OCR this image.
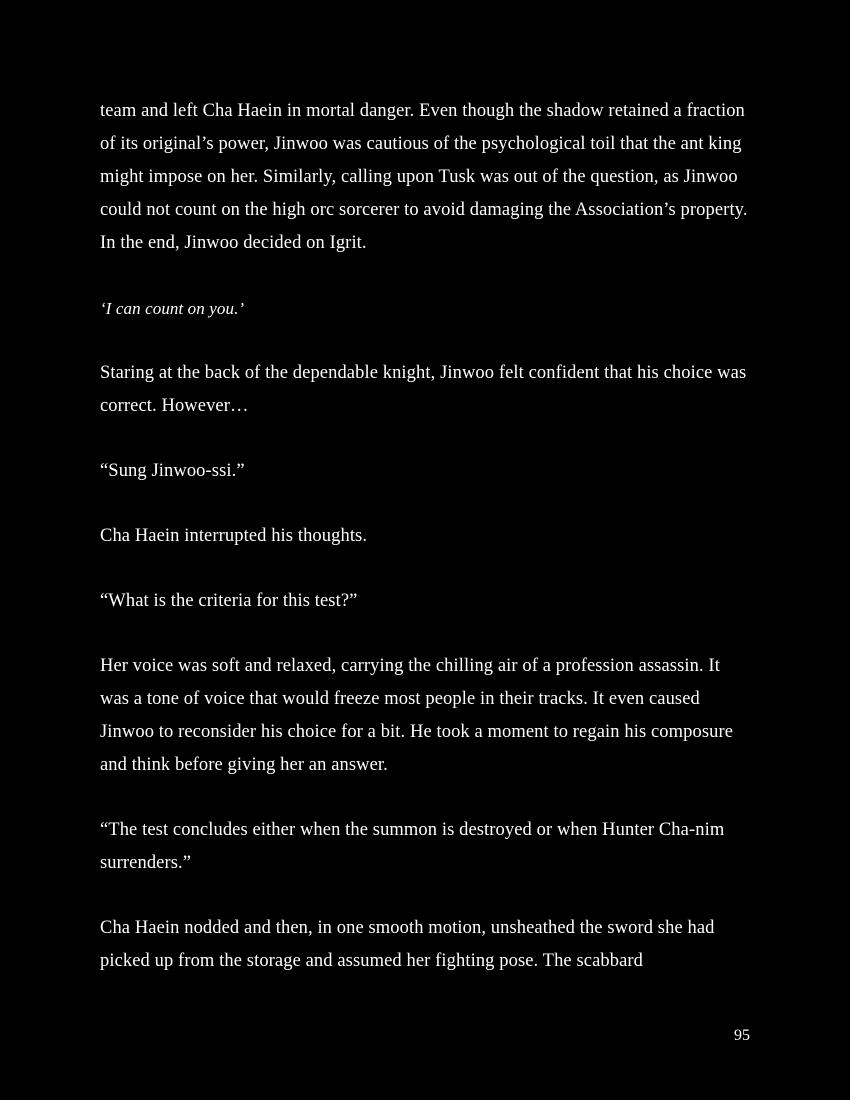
team and left Cha Haein in mortal danger. Even though the shadow retained a fraction of its original’s power, Jinwoo was cautious of the psychological toil that the ant king might impose on her. Similarly, calling upon Tusk was out of the question, as Jinwoo could not count on the high orc sorcerer to avoid damaging the Association’s property. In the end, Jinwoo decided on Igrit.

‘I can count on you.’

Staring at the back of the dependable knight, Jinwoo felt confident that his choice was correct. However…

“Sung Jinwoo-ssi.”

Cha Haein interrupted his thoughts.

“What is the criteria for this test?”

Her voice was soft and relaxed, carrying the chilling air of a profession assassin. It was a tone of voice that would freeze most people in their tracks. It even caused Jinwoo to reconsider his choice for a bit. He took a moment to regain his composure and think before giving her an answer.

“The test concludes either when the summon is destroyed or when Hunter Cha-nim surrenders.”

Cha Haein nodded and then, in one smooth motion, unsheathed the sword she had picked up from the storage and assumed her fighting pose. The scabbard

95
